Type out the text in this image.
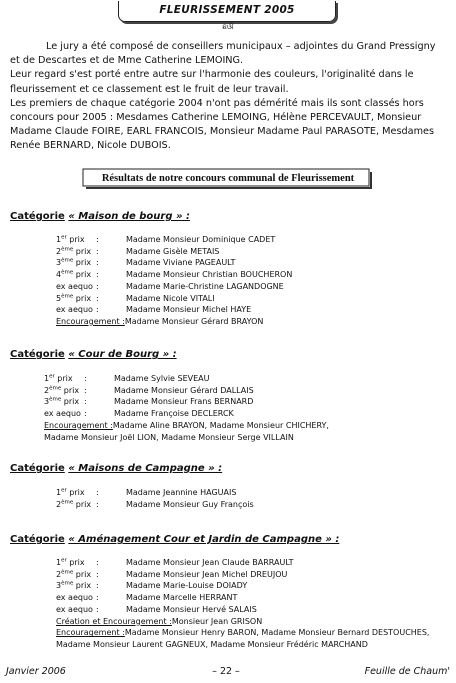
FLEURISSEMENT 2005
ଛଔ

Le jury a été composé de conseillers municipaux – adjointes du Grand Pressigny et de Descartes et de Mme Catherine LEMOING.

Leur regard s'est porté entre autre sur l'harmonie des couleurs, l'originalité dans le fleurissement et ce classement est le fruit de leur travail.

Les premiers de chaque catégorie 2004 n'ont pas démérité mais ils sont classés hors concours pour 2005 : Mesdames Catherine LEMOING, Hélène PERCEVAULT, Monsieur Madame Claude FOIRE, EARL FRANCOIS, Monsieur Madame Paul PARASOTE, Mesdames Renée BERNARD, Nicole DUBOIS.

Résultats de notre concours communal de Fleurissement
Catégorie « Maison de bourg » :
1er prix	:	Madame Monsieur Dominique CADET
2ème prix :	Madame Gisèle METAIS
3ème prix :	Madame Viviane PAGEAULT
4ème prix :	Madame Monsieur Christian BOUCHERON
ex aequo :	Madame Marie-Christine LAGANDOGNE
5ème prix :	Madame Nicole VITALI
ex aequo :	Madame Monsieur Michel HAYE
Encouragement : Madame Monsieur Gérard BRAYON
Catégorie « Cour de Bourg » :
1er prix	:	Madame Sylvie SEVEAU
2ème prix :	Madame Monsieur Gérard DALLAIS
3ème prix :	Madame Monsieur Frans BERNARD
ex aequo :	Madame Françoise DECLERCK
Encouragement : Madame Aline BRAYON, Madame Monsieur CHICHERY,
Madame Monsieur Joël LION, Madame Monsieur Serge VILLAIN
Catégorie « Maisons de Campagne » :
1er prix	:	Madame Jeannine HAGUAIS
2ème prix :	Madame Monsieur Guy François
Catégorie « Aménagement Cour et Jardin de Campagne » :
1er prix	:	Madame Monsieur Jean Claude BARRAULT
2ème prix :	Madame Monsieur Jean Michel DREUJOU
3ème prix :	Madame Marie-Louise DOIADY
ex aequo :	Madame Marcelle HERRANT
ex aequo :	Madame Monsieur Hervé SALAIS
Création et Encouragement : Monsieur Jean GRISON
Encouragement : Madame Monsieur Henry BARON, Madame Monsieur Bernard DESTOUCHES,
Madame Monsieur Laurent GAGNEUX, Madame Monsieur Frédéric MARCHAND
Janvier 2006	– 22 –	Feuille de Chaum'
